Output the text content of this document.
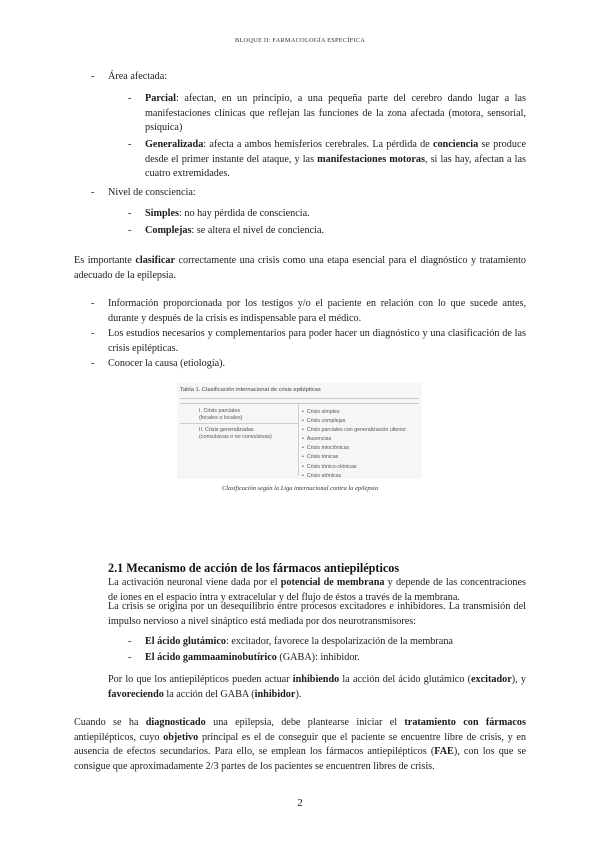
BLOQUE II: FARMACOLOGÍA ESPECÍFICA
- Área afectada:
- Parcial: afectan, en un principio, a una pequeña parte del cerebro dando lugar a las manifestaciones clínicas que reflejan las funciones de la zona afectada (motora, sensorial, psíquica)
- Generalizada: afecta a ambos hemisferios cerebrales. La pérdida de conciencia se produce desde el primer instante del ataque, y las manifestaciones motoras, si las hay, afectan a las cuatro extremidades.
- Nivel de consciencia:
- Simples: no hay pérdida de consciencia.
- Complejas: se altera el nivel de conciencia.
Es importante clasificar correctamente una crisis como una etapa esencial para el diagnóstico y tratamiento adecuado de la epilepsia.
- Información proporcionada por los testigos y/o el paciente en relación con lo que sucede antes, durante y después de la crisis es indispensable para el médico.
- Los estudios necesarios y complementarios para poder hacer un diagnóstico y una clasificación de las crisis epilépticas.
- Conocer la causa (etiología).
Tabla 1. Clasificación internacional de crisis epilépticas
I. Crisis parciales
(focales o locales)
II. Crisis generalizadas
(convulsivas o no convulsivas)
•  Crisis simples
•  Crisis complejas
•  Crisis parciales con generalización ulterior
•  Ausencias
•  Crisis mioclónicas
•  Crisis tónicas
•  Crisis tónico-clónicas
•  Crisis atónicas
Clasificación según la Liga internacional contra la epilepsia
2.1 Mecanismo de acción de los fármacos antiepilépticos
La activación neuronal viene dada por el potencial de membrana y depende de las concentraciones de iones en el espacio intra y extracelular y del flujo de éstos a través de la membrana.
La crisis se origina por un desequilibrio entre procesos excitadores e inhibidores. La transmisión del impulso nervioso a nivel sináptico está mediada por dos neurotransmisores:
- El ácido glutámico: excitador, favorece la despolarización de la membrana
- El ácido gammaaminobutírico (GABA): inhibidor.
Por lo que los antiepilépticos pueden actuar inhibiendo la acción del ácido glutámico (excitador), y favoreciendo la acción del GABA (inhibidor).
Cuando se ha diagnosticado una epilepsia, debe plantearse iniciar el tratamiento con fármacos antiepilépticos, cuyo objetivo principal es el de conseguir que el paciente se encuentre libre de crisis, y en ausencia de efectos secundarios. Para ello, se emplean los fármacos antiepilépticos (FAE), con los que se consigue que aproximadamente 2/3 partes de los pacientes se encuentren libres de crisis.
2
